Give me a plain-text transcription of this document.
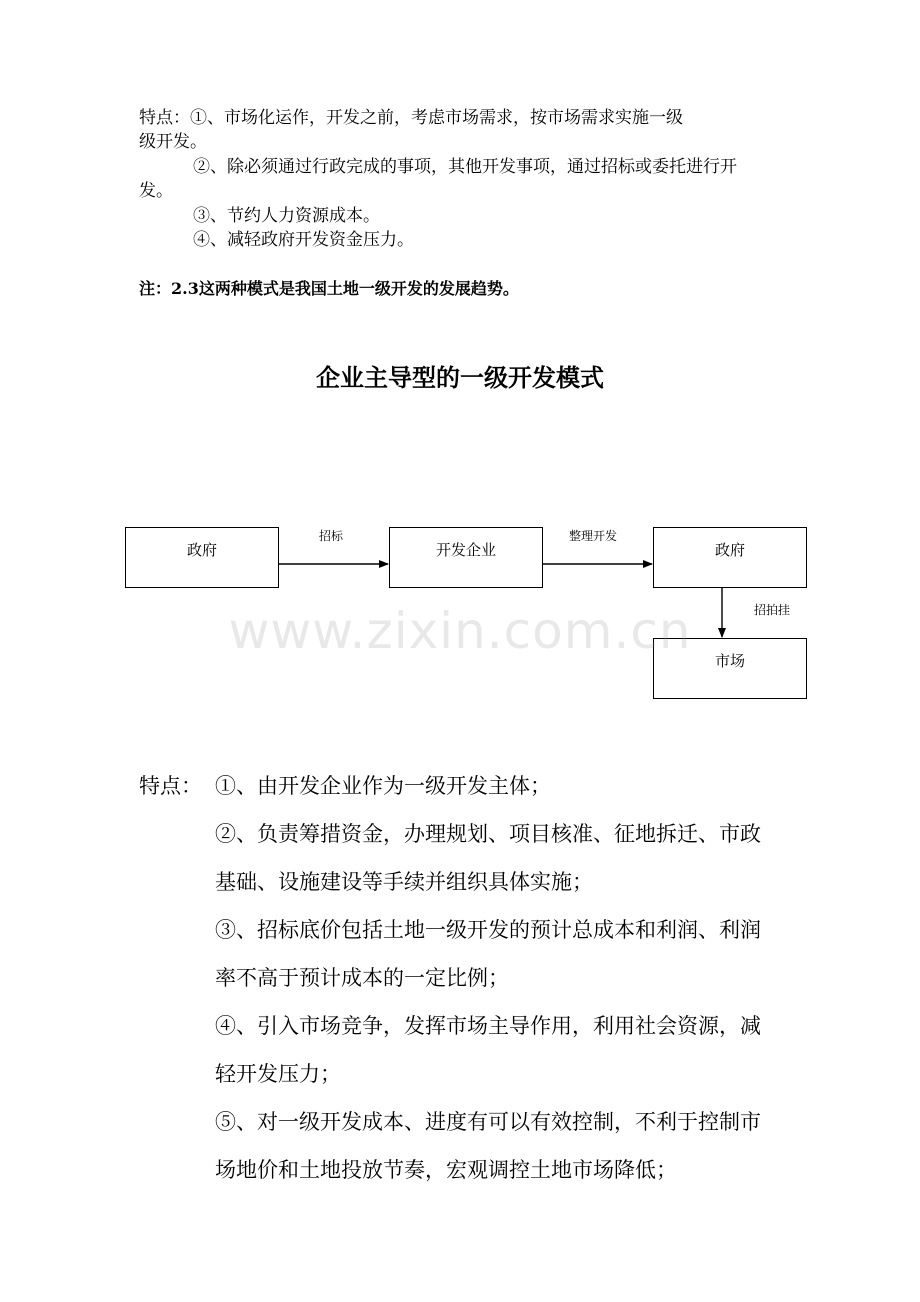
特点：①、市场化运作，开发之前，考虑市场需求，按市场需求实施一级
级开发。
②、除必须通过行政完成的事项，其他开发事项，通过招标或委托进行开
发。
③、节约人力资源成本。
④、减轻政府开发资金压力。
注：2.3这两种模式是我国土地一级开发的发展趋势。
企业主导型的一级开发模式
政府	开发企业	政府
市场
招标	整理开发
招拍挂
www.zixin.com.cn
特点： ①、由开发企业作为一级开发主体；
②、负责筹措资金，办理规划、项目核准、征地拆迁、市政
基础、设施建设等手续并组织具体实施；
③、招标底价包括土地一级开发的预计总成本和利润、利润
率不高于预计成本的一定比例；
④、引入市场竞争，发挥市场主导作用，利用社会资源，减
轻开发压力；
⑤、对一级开发成本、进度有可以有效控制，不利于控制市
场地价和土地投放节奏，宏观调控土地市场降低；
